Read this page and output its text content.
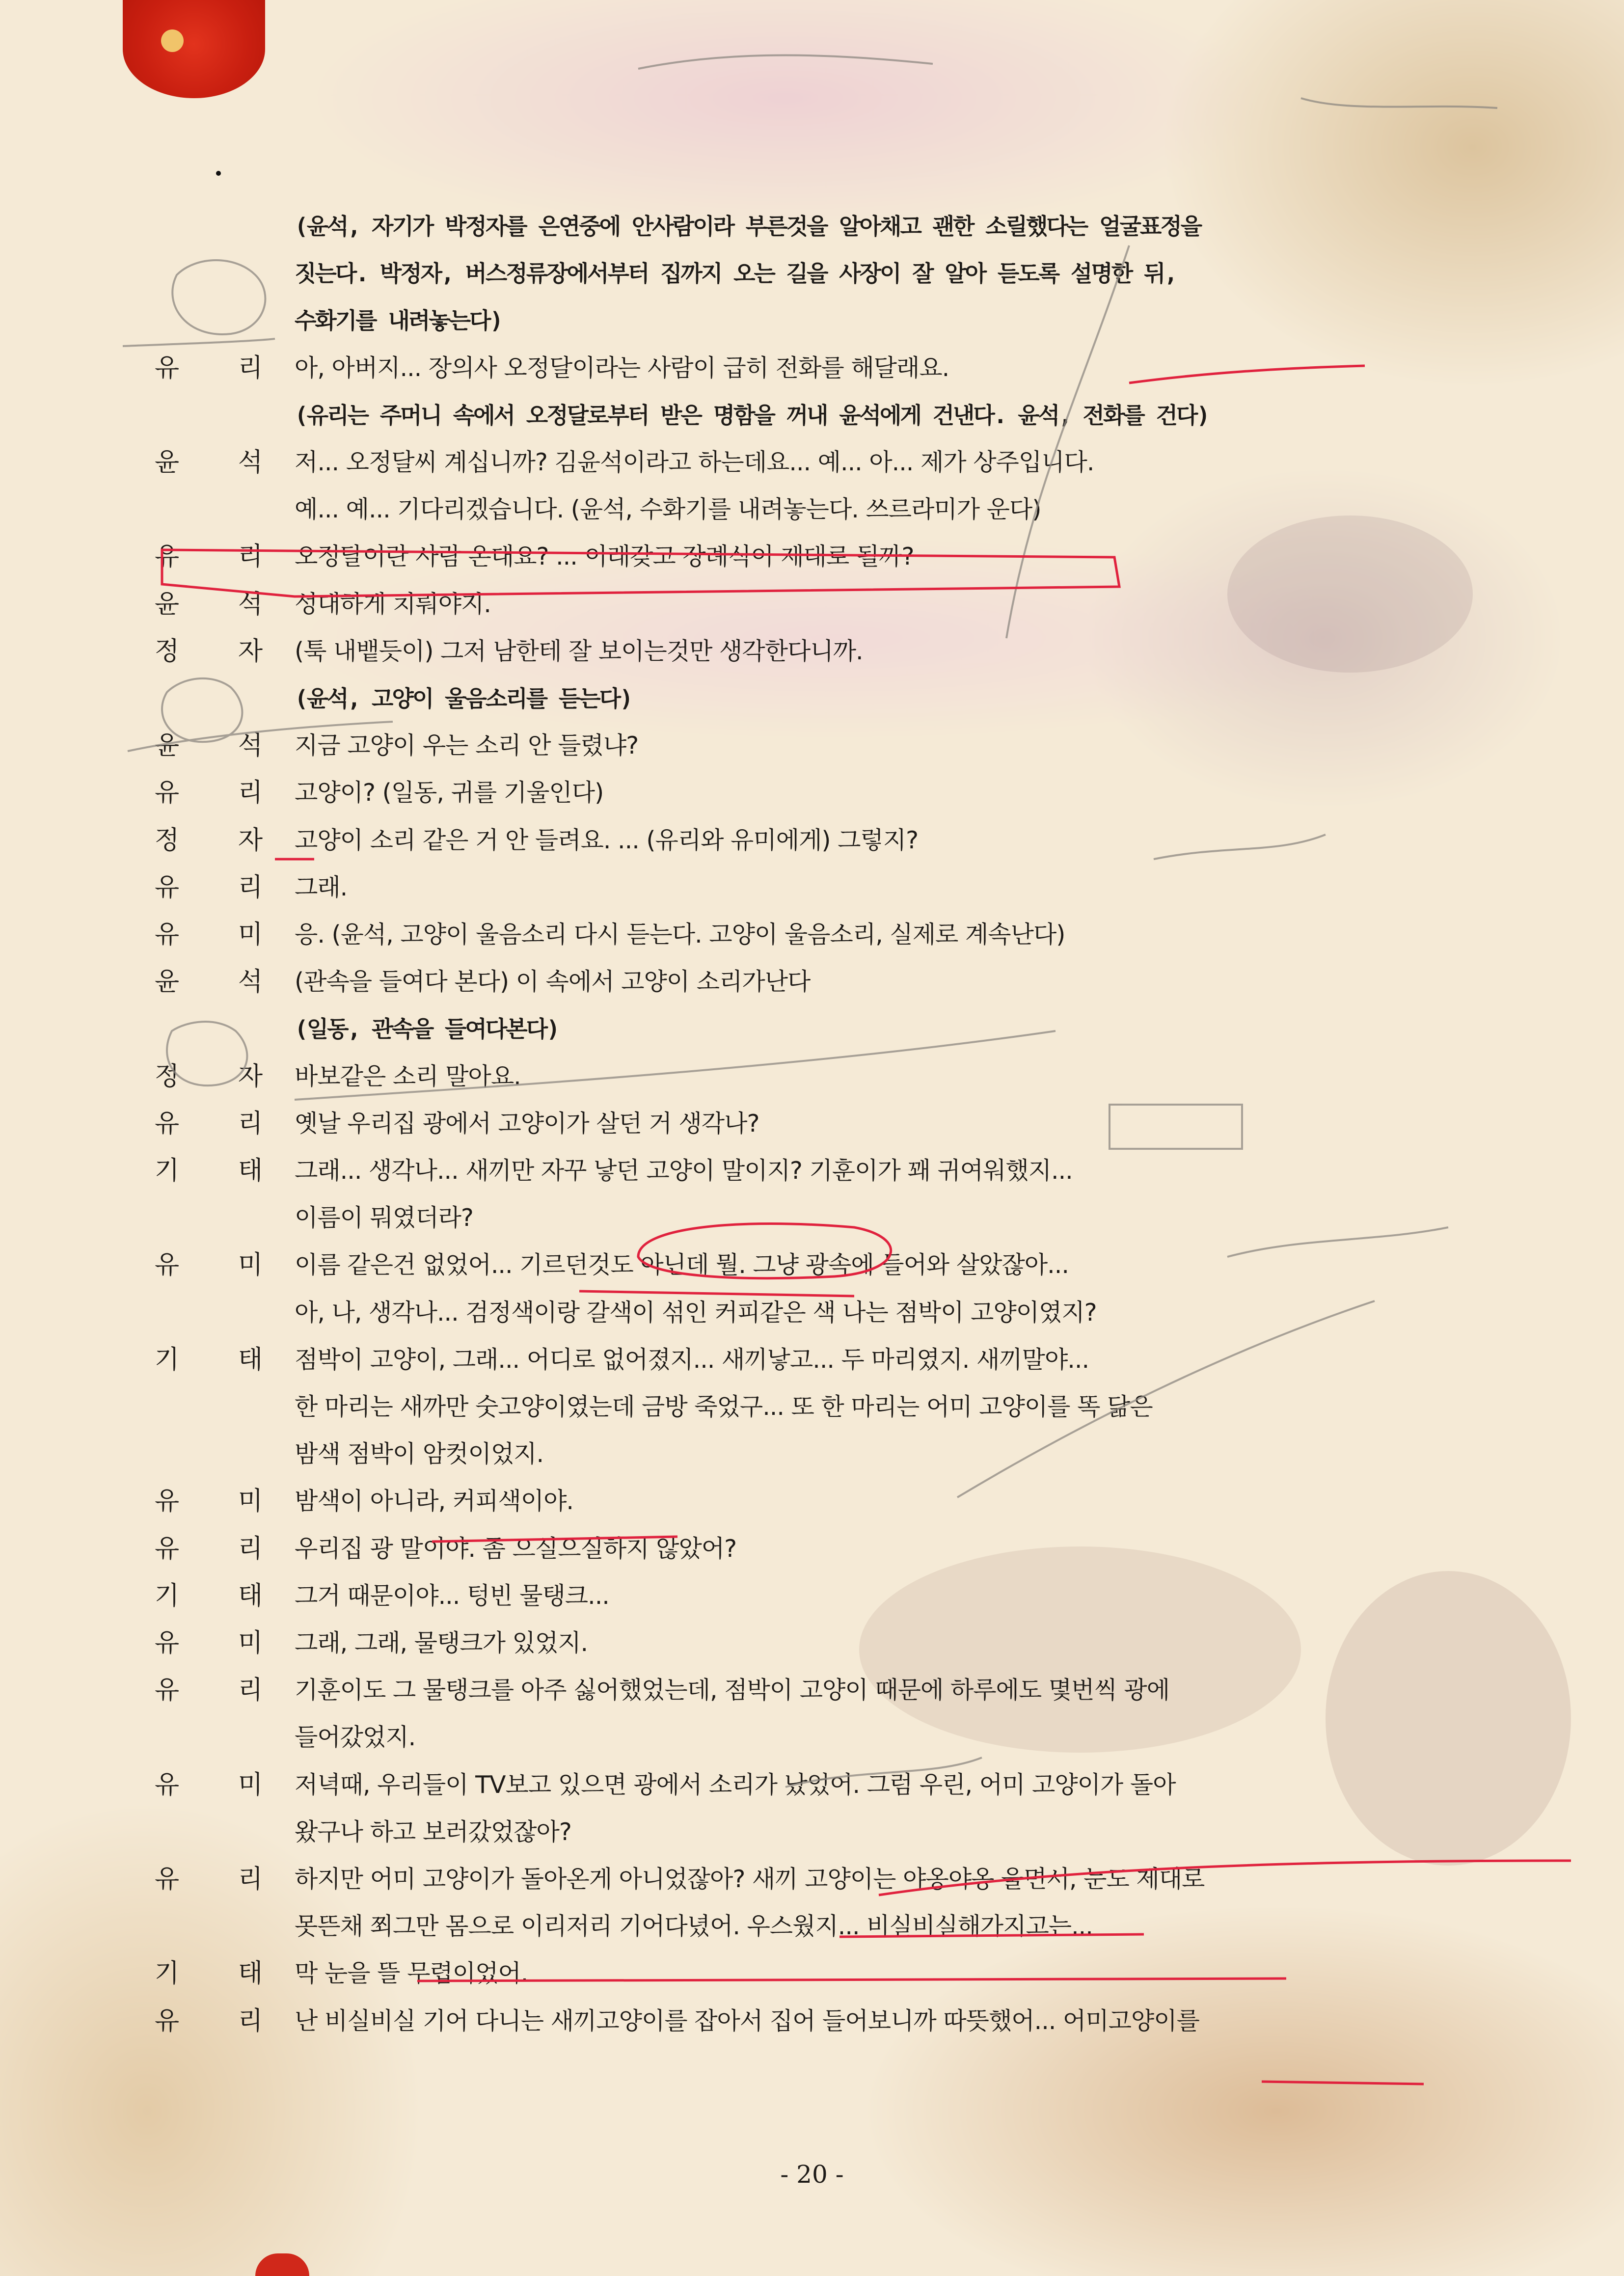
(윤석, 자기가 박정자를 은연중에 안사람이라 부른것을 알아채고 괜한 소릴했다는 얼굴표정을
짓는다. 박정자, 버스정류장에서부터 집까지 오는 길을 사장이 잘 알아 듣도록 설명한 뒤,
수화기를 내려놓는다)
유 리 아, 아버지... 장의사 오정달이라는 사람이 급히 전화를 해달래요.
(유리는 주머니 속에서 오정달로부터 받은 명함을 꺼내 윤석에게 건낸다. 윤석, 전화를 건다)
윤 석 저... 오정달씨 계십니까? 김윤석이라고 하는데요... 예... 아... 제가 상주입니다.
예... 예... 기다리겠습니다. (윤석, 수화기를 내려놓는다. 쓰르라미가 운다)
유 리 오정달이란 사람 온대요? ... 이래갖고 장례식이 제대로 될까?
윤 석 성대하게 치뤄야지.
정 자 (툭 내뱉듯이) 그저 남한테 잘 보이는것만 생각한다니까.
(윤석, 고양이 울음소리를 듣는다)
윤 석 지금 고양이 우는 소리 안 들렸냐?
유 리 고양이? (일동, 귀를 기울인다)
정 자 고양이 소리 같은 거 안 들려요. ... (유리와 유미에게) 그렇지?
유 리 그래.
유 미 응. (윤석, 고양이 울음소리 다시 듣는다. 고양이 울음소리, 실제로 계속난다)
윤 석 (관속을 들여다 본다) 이 속에서 고양이 소리가난다
(일동, 관속을 들여다본다)
정 자 바보같은 소리 말아요.
유 리 옛날 우리집 광에서 고양이가 살던 거 생각나?
기 태 그래... 생각나... 새끼만 자꾸 낳던 고양이 말이지? 기훈이가 꽤 귀여워했지...
이름이 뭐였더라?
유 미 이름 같은건 없었어... 기르던것도 아닌데 뭘. 그냥 광속에 들어와 살았잖아...
아, 나, 생각나... 검정색이랑 갈색이 섞인 커피같은 색 나는 점박이 고양이였지?
기 태 점박이 고양이, 그래... 어디로 없어졌지... 새끼낳고... 두 마리였지. 새끼말야...
한 마리는 새까만 숫고양이였는데 금방 죽었구... 또 한 마리는 어미 고양이를 똑 닮은
밤색 점박이 암컷이었지.
유 미 밤색이 아니라, 커피색이야.
유 리 우리집 광 말이야. 좀 으실으실하지 않았어?
기 태 그거 때문이야... 텅빈 물탱크...
유 미 그래, 그래, 물탱크가 있었지.
유 리 기훈이도 그 물탱크를 아주 싫어했었는데, 점박이 고양이 때문에 하루에도 몇번씩 광에
들어갔었지.
유 미 저녁때, 우리들이 TV보고 있으면 광에서 소리가 났었어. 그럼 우린, 어미 고양이가 돌아
왔구나 하고 보러갔었잖아?
유 리 하지만 어미 고양이가 돌아온게 아니었잖아? 새끼 고양이는 야옹야옹 울면서, 눈도 제대로
못뜬채 쬐그만 몸으로 이리저리 기어다녔어. 우스웠지... 비실비실해가지고는...
기 태 막 눈을 뜰 무렵이었어.
유 리 난 비실비실 기어 다니는 새끼고양이를 잡아서 집어 들어보니까 따뜻했어... 어미고양이를
- 20 -
